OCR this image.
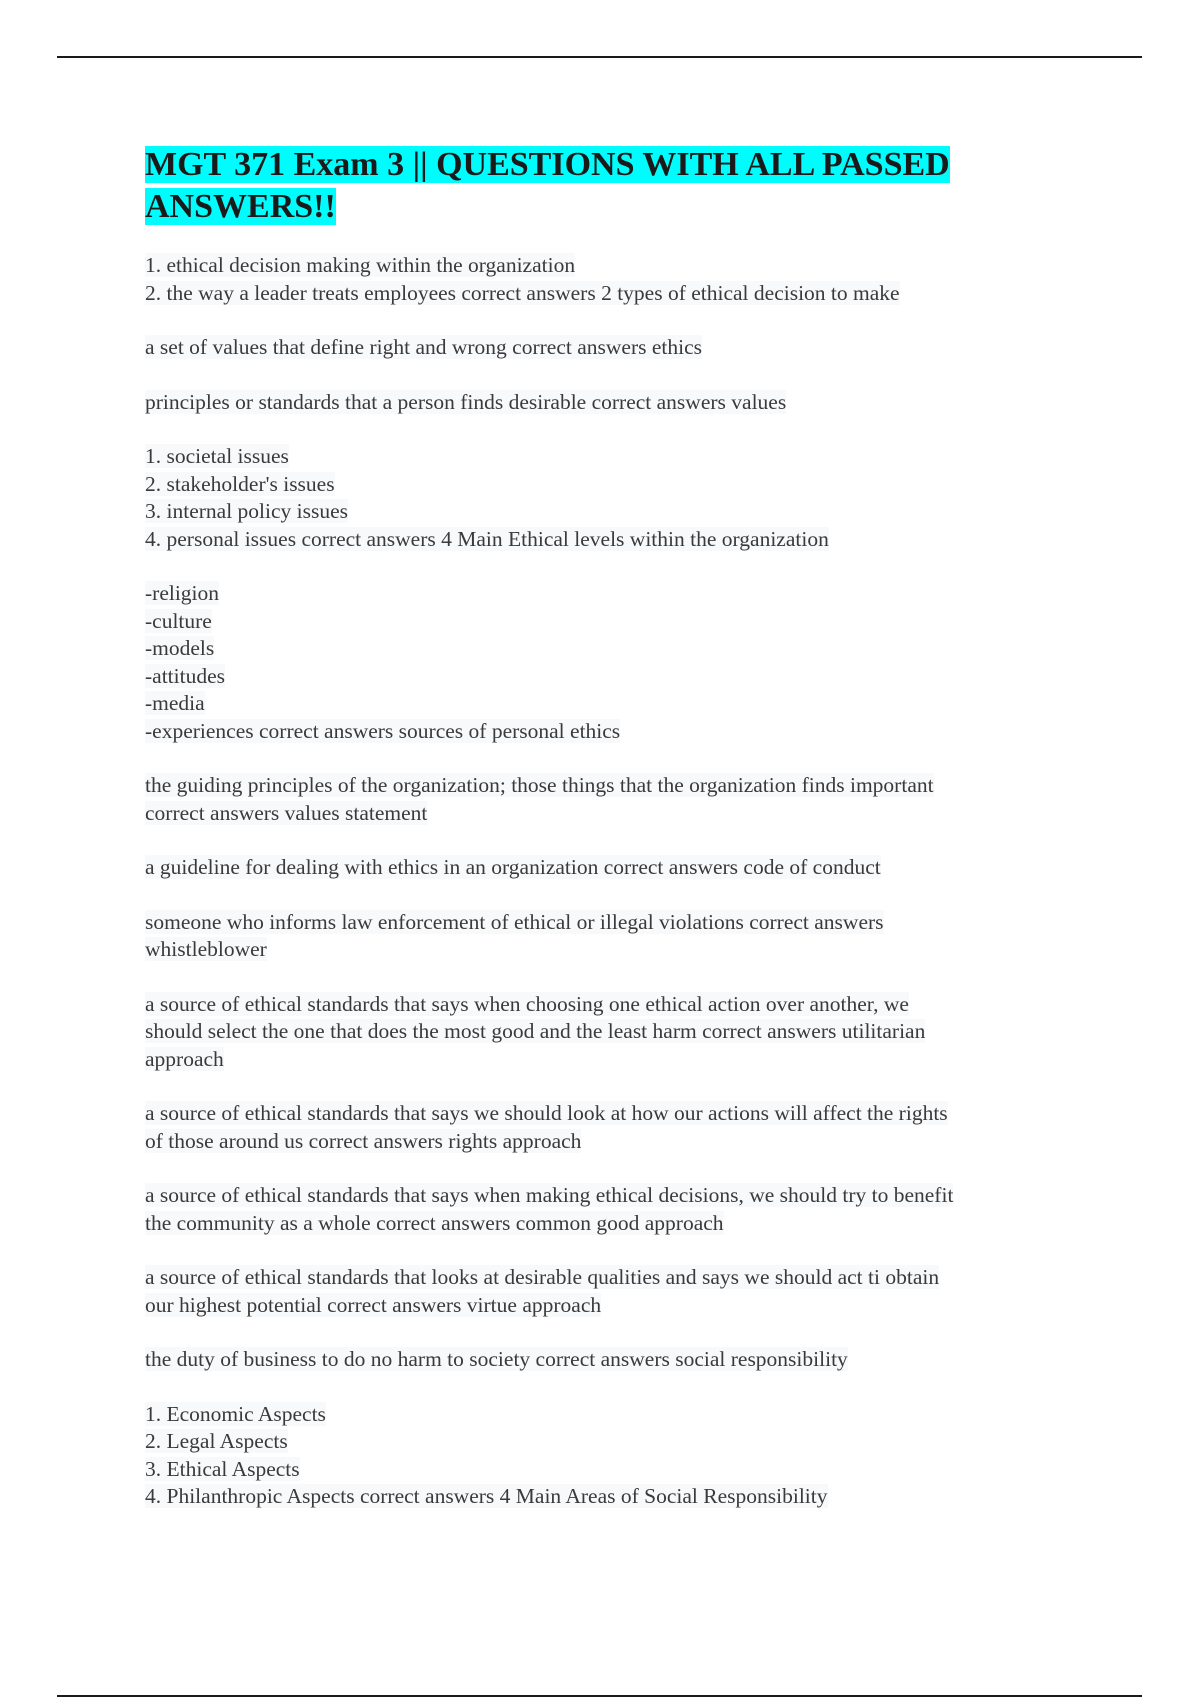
MGT 371 Exam 3 || QUESTIONS WITH ALL PASSED ANSWERS!!

1. ethical decision making within the organization
2. the way a leader treats employees correct answers 2 types of ethical decision to make

a set of values that define right and wrong correct answers ethics

principles or standards that a person finds desirable correct answers values

1. societal issues
2. stakeholder's issues
3. internal policy issues
4. personal issues correct answers 4 Main Ethical levels within the organization

-religion
-culture
-models
-attitudes
-media
-experiences correct answers sources of personal ethics

the guiding principles of the organization; those things that the organization finds important
correct answers values statement

a guideline for dealing with ethics in an organization correct answers code of conduct

someone who informs law enforcement of ethical or illegal violations correct answers
whistleblower

a source of ethical standards that says when choosing one ethical action over another, we
should select the one that does the most good and the least harm correct answers utilitarian
approach

a source of ethical standards that says we should look at how our actions will affect the rights
of those around us correct answers rights approach

a source of ethical standards that says when making ethical decisions, we should try to benefit
the community as a whole correct answers common good approach

a source of ethical standards that looks at desirable qualities and says we should act ti obtain
our highest potential correct answers virtue approach

the duty of business to do no harm to society correct answers social responsibility

1. Economic Aspects
2. Legal Aspects
3. Ethical Aspects
4. Philanthropic Aspects correct answers 4 Main Areas of Social Responsibility
